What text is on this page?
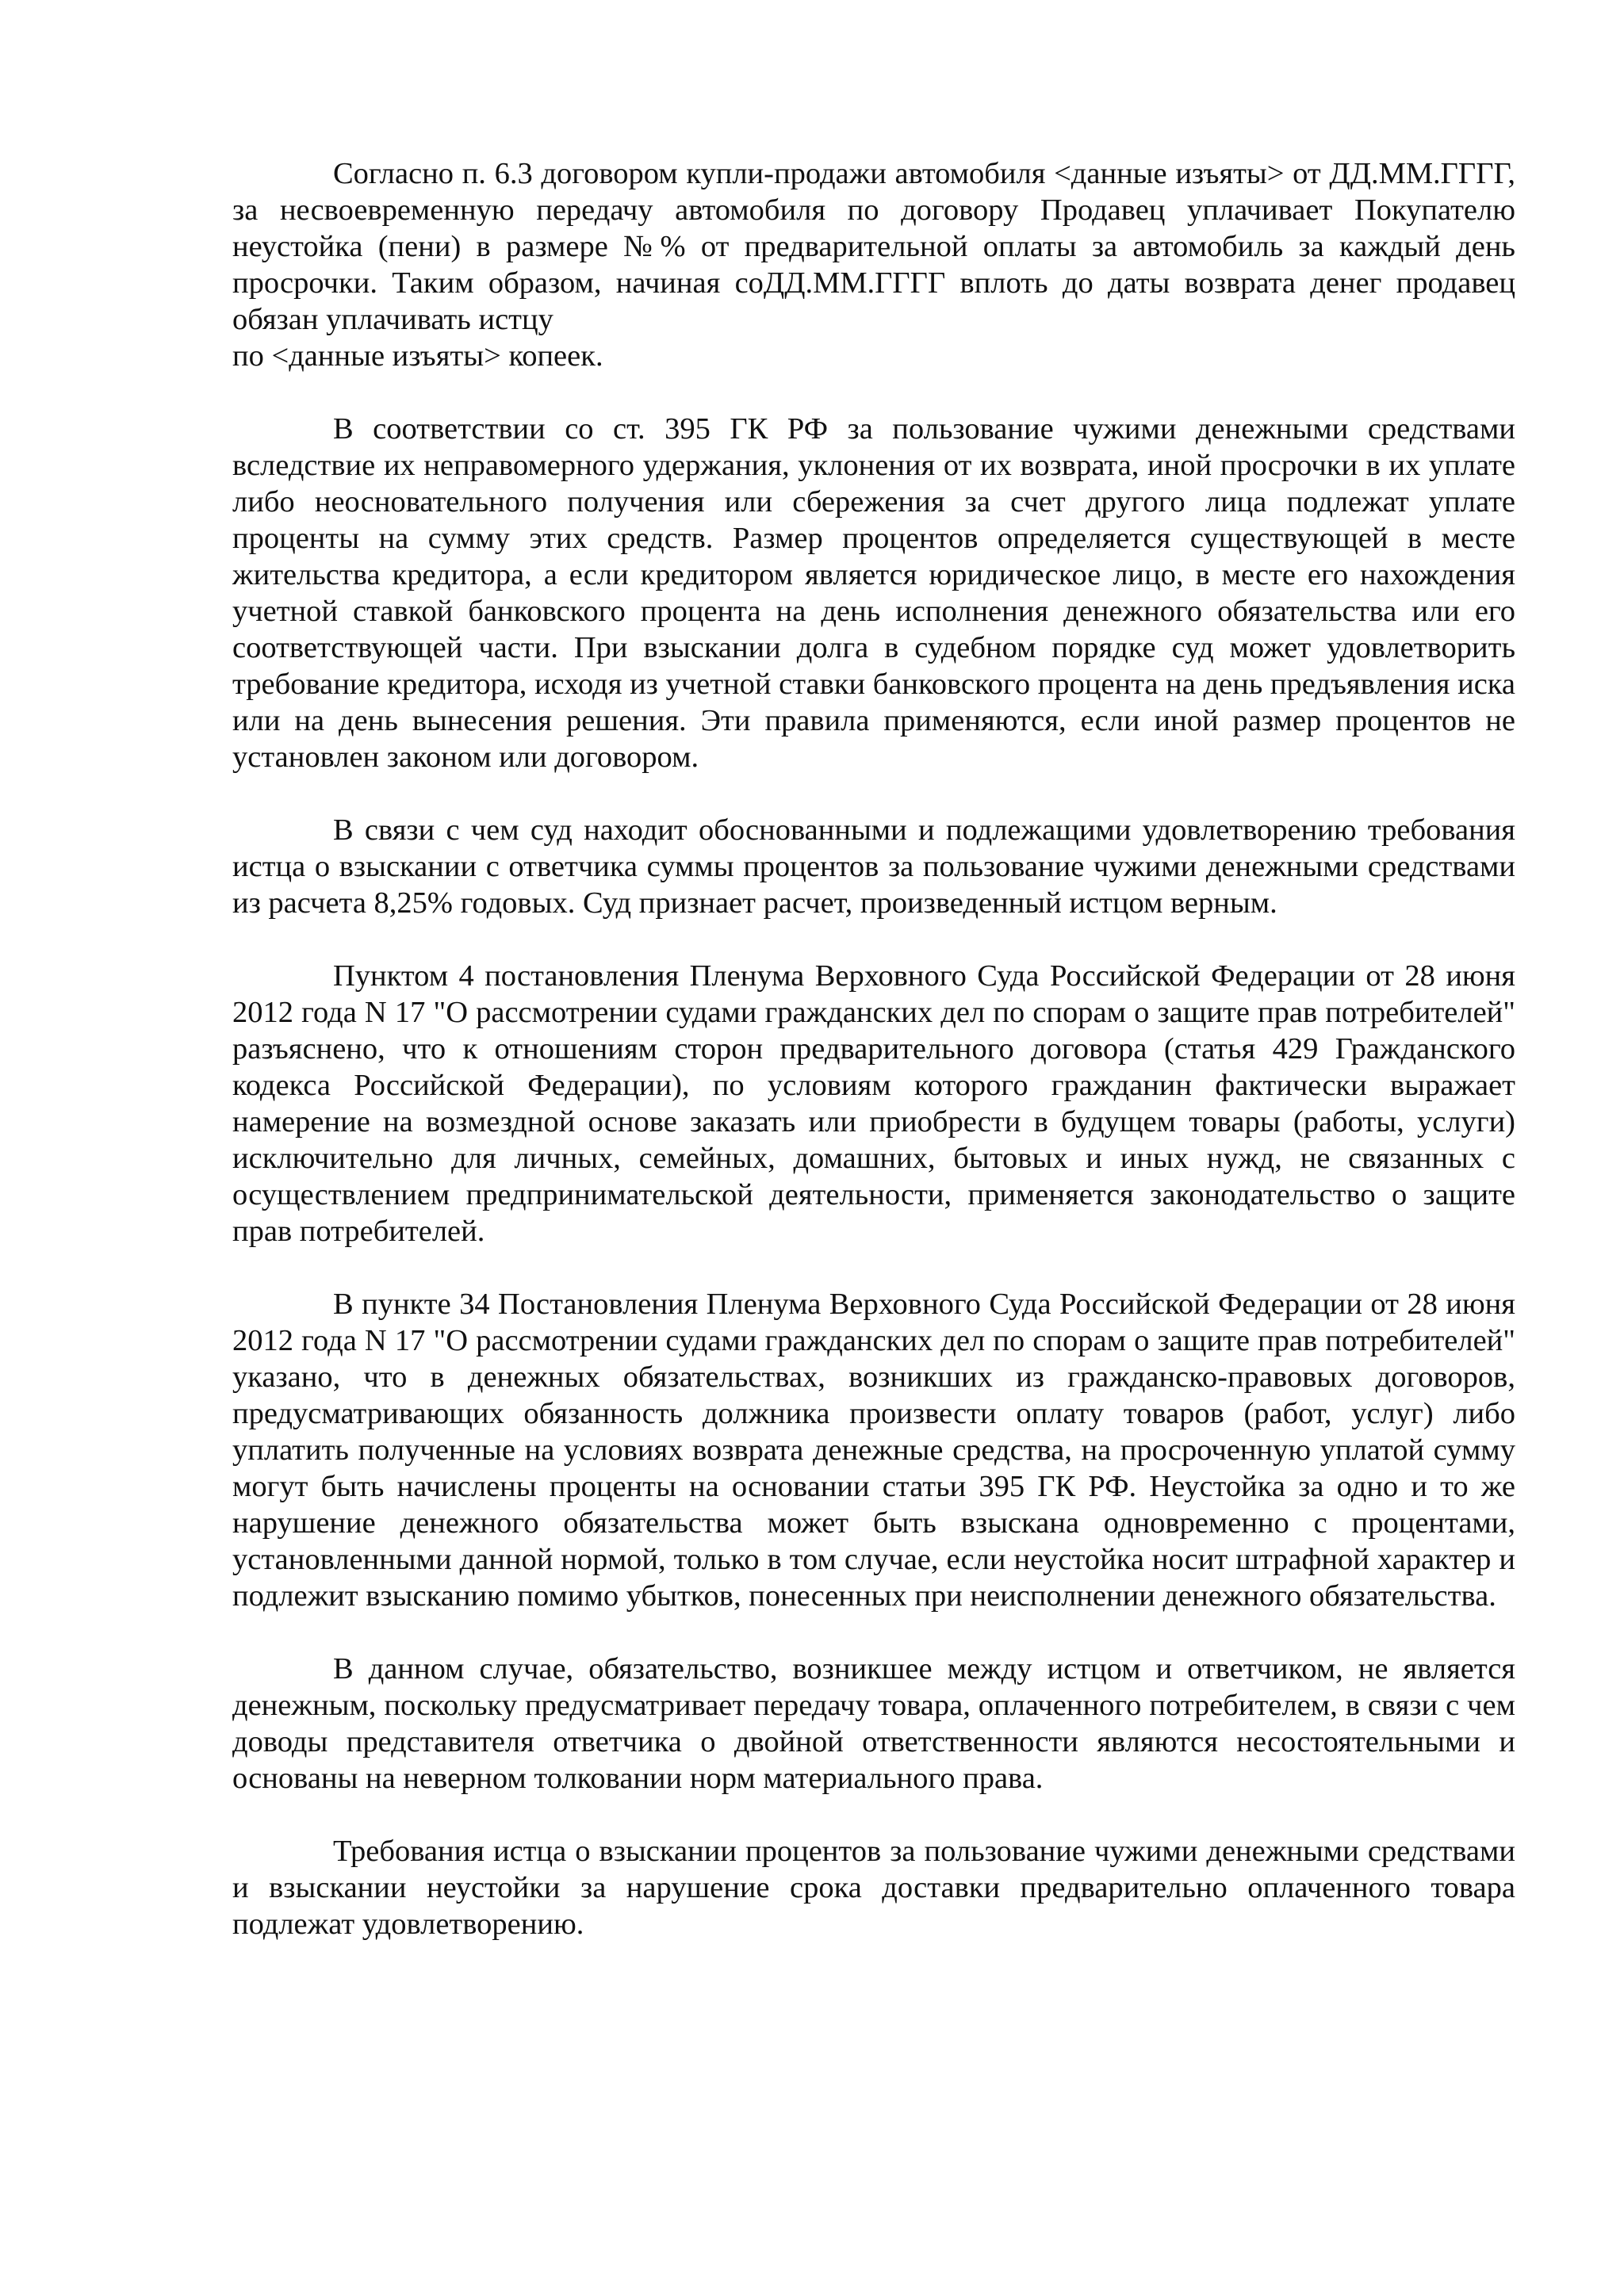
Согласно п. 6.3 договором купли-продажи автомобиля <данные изъяты> от ДД.ММ.ГГГГ, за несвоевременную передачу автомобиля по договору Продавец уплачивает Покупателю неустойка (пени) в размере №% от предварительной оплаты за автомобиль за каждый день просрочки. Таким образом, начиная соДД.ММ.ГГГГ вплоть до даты возврата денег продавец обязан уплачивать истцу
по <данные изъяты> копеек.

В соответствии со ст. 395 ГК РФ за пользование чужими денежными средствами вследствие их неправомерного удержания, уклонения от их возврата, иной просрочки в их уплате либо неосновательного получения или сбережения за счет другого лица подлежат уплате проценты на сумму этих средств. Размер процентов определяется существующей в месте жительства кредитора, а если кредитором является юридическое лицо, в месте его нахождения учетной ставкой банковского процента на день исполнения денежного обязательства или его соответствующей части. При взыскании долга в судебном порядке суд может удовлетворить требование кредитора, исходя из учетной ставки банковского процента на день предъявления иска или на день вынесения решения. Эти правила применяются, если иной размер процентов не установлен законом или договором.

В связи с чем суд находит обоснованными и подлежащими удовлетворению требования истца о взыскании с ответчика суммы процентов за пользование чужими денежными средствами из расчета 8,25% годовых. Суд признает расчет, произведенный истцом верным.

Пунктом 4 постановления Пленума Верховного Суда Российской Федерации от 28 июня 2012 года N 17 "О рассмотрении судами гражданских дел по спорам о защите прав потребителей" разъяснено, что к отношениям сторон предварительного договора (статья 429 Гражданского кодекса Российской Федерации), по условиям которого гражданин фактически выражает намерение на возмездной основе заказать или приобрести в будущем товары (работы, услуги) исключительно для личных, семейных, домашних, бытовых и иных нужд, не связанных с осуществлением предпринимательской деятельности, применяется законодательство о защите прав потребителей.

В пункте 34 Постановления Пленума Верховного Суда Российской Федерации от 28 июня 2012 года N 17 "О рассмотрении судами гражданских дел по спорам о защите прав потребителей" указано, что в денежных обязательствах, возникших из гражданско-правовых договоров, предусматривающих обязанность должника произвести оплату товаров (работ, услуг) либо уплатить полученные на условиях возврата денежные средства, на просроченную уплатой сумму могут быть начислены проценты на основании статьи 395 ГК РФ. Неустойка за одно и то же нарушение денежного обязательства может быть взыскана одновременно с процентами, установленными данной нормой, только в том случае, если неустойка носит штрафной характер и подлежит взысканию помимо убытков, понесенных при неисполнении денежного обязательства.

В данном случае, обязательство, возникшее между истцом и ответчиком, не является денежным, поскольку предусматривает передачу товара, оплаченного потребителем, в связи с чем доводы представителя ответчика о двойной ответственности являются несостоятельными и основаны на неверном толковании норм материального права.

Требования истца о взыскании процентов за пользование чужими денежными средствами и взыскании неустойки за нарушение срока доставки предварительно оплаченного товара подлежат удовлетворению.
